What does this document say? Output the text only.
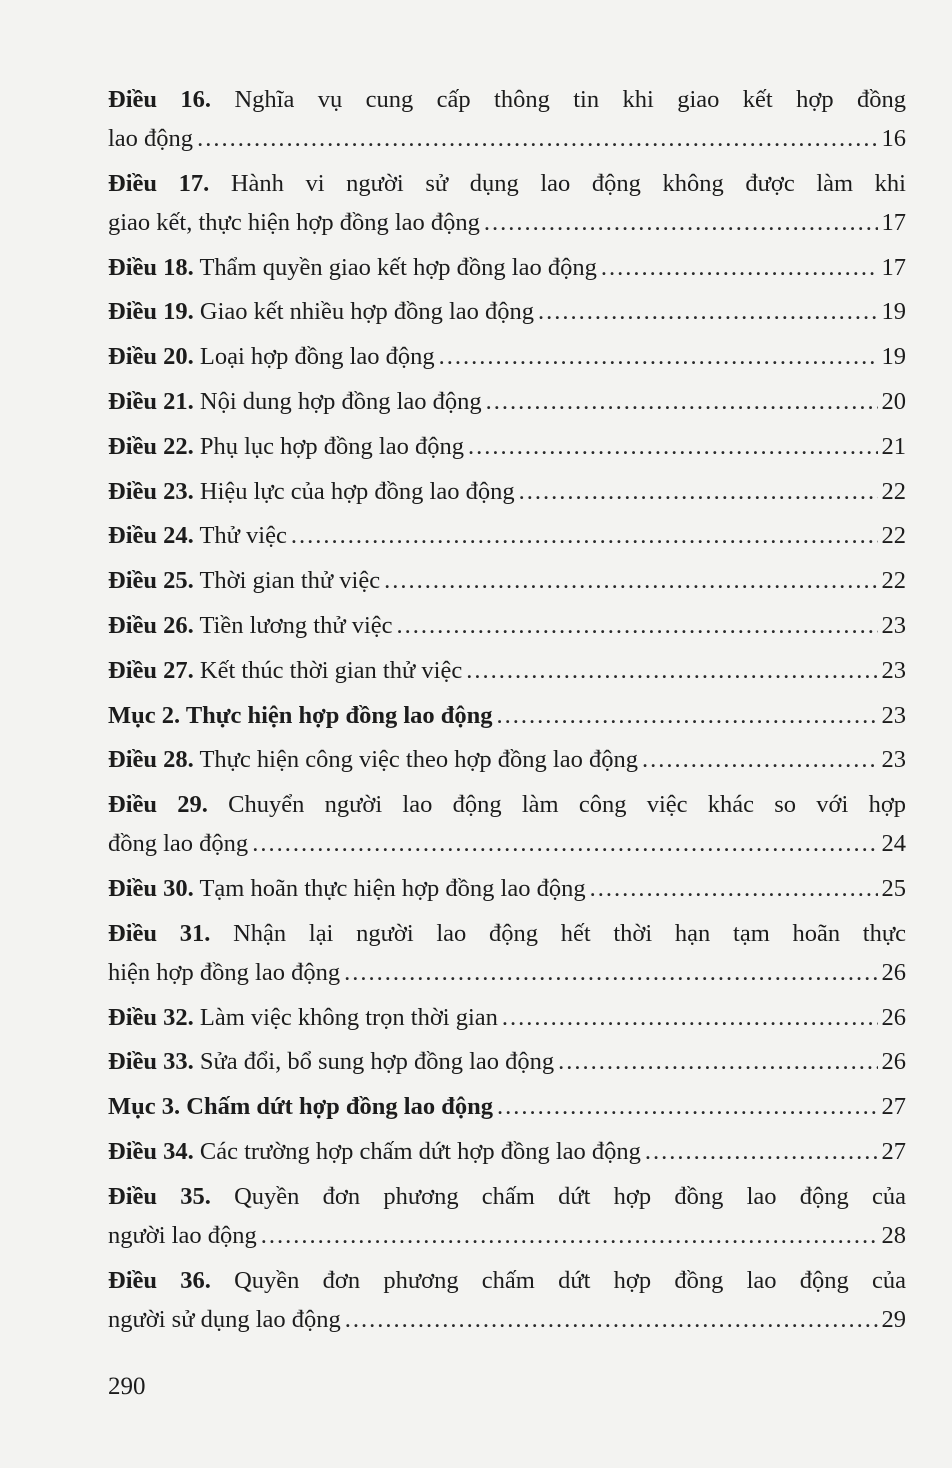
Điều 16. Nghĩa vụ cung cấp thông tin khi giao kết hợp đồng
lao động .....	16
Điều 17. Hành vi người sử dụng lao động không được làm khi
giao kết, thực hiện hợp đồng lao động .....	17
Điều 18. Thẩm quyền giao kết hợp đồng lao động .....	17
Điều 19. Giao kết nhiều hợp đồng lao động .....	19
Điều 20. Loại hợp đồng lao động .....	19
Điều 21. Nội dung hợp đồng lao động .....	20
Điều 22. Phụ lục hợp đồng lao động .....	21
Điều 23. Hiệu lực của hợp đồng lao động .....	22
Điều 24. Thử việc .....	22
Điều 25. Thời gian thử việc .....	22
Điều 26. Tiền lương thử việc .....	23
Điều 27. Kết thúc thời gian thử việc .....	23
Mục 2. Thực hiện hợp đồng lao động .....	23
Điều 28. Thực hiện công việc theo hợp đồng lao động .....	23
Điều 29. Chuyển người lao động làm công việc khác so với hợp
đồng lao động .....	24
Điều 30. Tạm hoãn thực hiện hợp đồng lao động .....	25
Điều 31. Nhận lại người lao động hết thời hạn tạm hoãn thực
hiện hợp đồng lao động .....	26
Điều 32. Làm việc không trọn thời gian .....	26
Điều 33. Sửa đổi, bổ sung hợp đồng lao động .....	26
Mục 3. Chấm dứt hợp đồng lao động .....	27
Điều 34. Các trường hợp chấm dứt hợp đồng lao động .....	27
Điều 35. Quyền đơn phương chấm dứt hợp đồng lao động của
người lao động .....	28
Điều 36. Quyền đơn phương chấm dứt hợp đồng lao động của
người sử dụng lao động .....	29
290
